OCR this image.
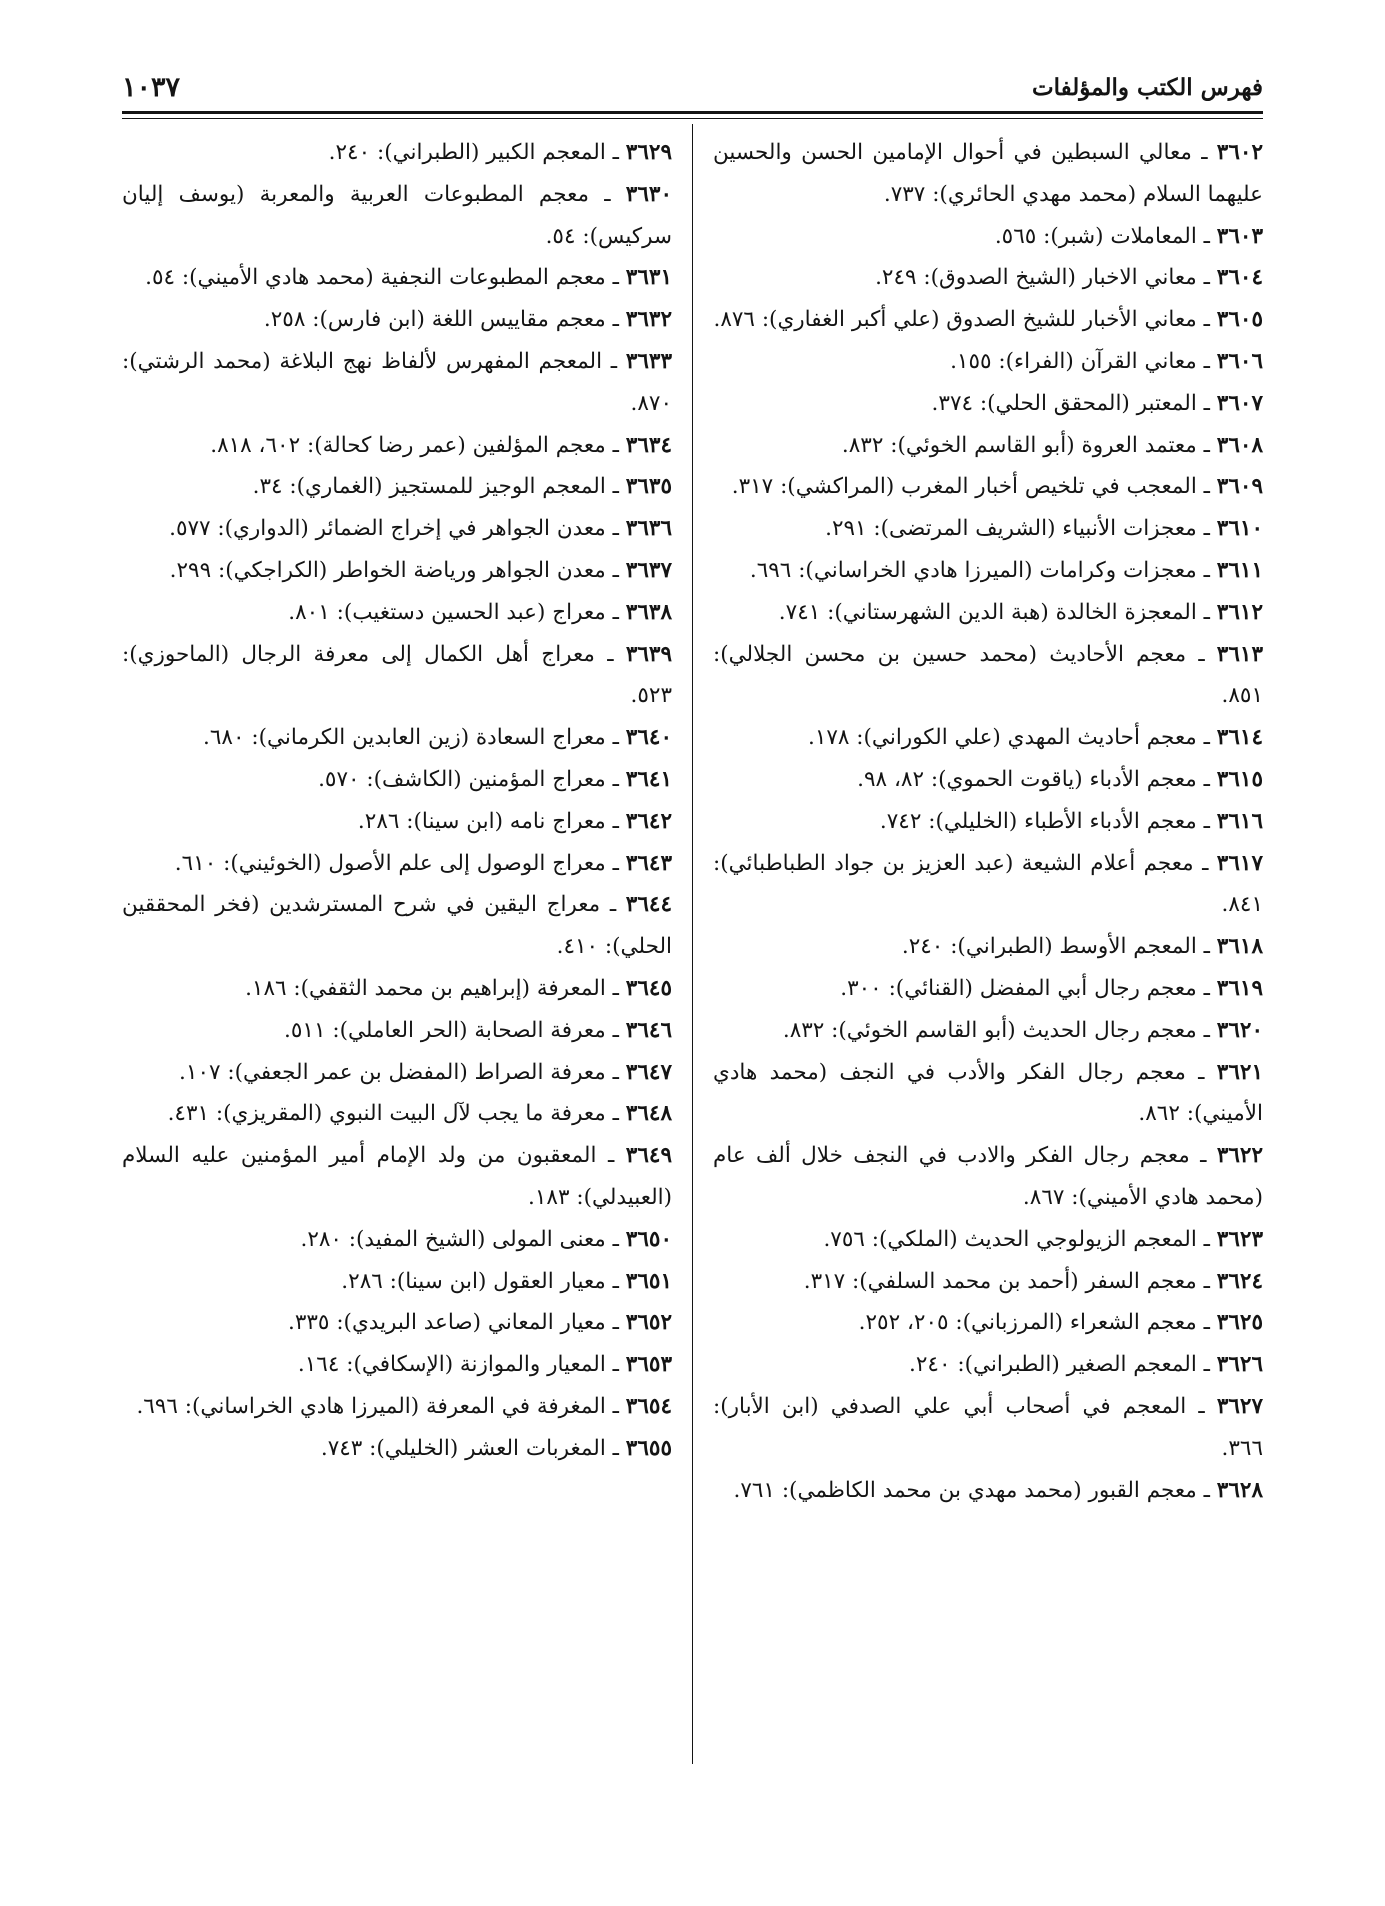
فهرس الكتب والمؤلفات
١٠٣٧

٣٦٠٢ ـ معالي السبطين في أحوال الإمامين الحسن والحسين عليهما السلام (محمد مهدي الحائري): ٧٣٧.

٣٦٠٣ ـ المعاملات (شبر): ٥٦٥.

٣٦٠٤ ـ معاني الاخبار (الشيخ الصدوق): ٢٤٩.

٣٦٠٥ ـ معاني الأخبار للشيخ الصدوق (علي أكبر الغفاري): ٨٧٦.

٣٦٠٦ ـ معاني القرآن (الفراء): ١٥٥.

٣٦٠٧ ـ المعتبر (المحقق الحلي): ٣٧٤.

٣٦٠٨ ـ معتمد العروة (أبو القاسم الخوئي): ٨٣٢.

٣٦٠٩ ـ المعجب في تلخيص أخبار المغرب (المراكشي): ٣١٧.

٣٦١٠ ـ معجزات الأنبياء (الشريف المرتضى): ٢٩١.

٣٦١١ ـ معجزات وكرامات (الميرزا هادي الخراساني): ٦٩٦.

٣٦١٢ ـ المعجزة الخالدة (هبة الدين الشهرستاني): ٧٤١.

٣٦١٣ ـ معجم الأحاديث (محمد حسين بن محسن الجلالي): ٨٥١.

٣٦١٤ ـ معجم أحاديث المهدي (علي الكوراني): ١٧٨.

٣٦١٥ ـ معجم الأدباء (ياقوت الحموي): ٨٢، ٩٨.

٣٦١٦ ـ معجم الأدباء الأطباء (الخليلي): ٧٤٢.

٣٦١٧ ـ معجم أعلام الشيعة (عبد العزيز بن جواد الطباطبائي): ٨٤١.

٣٦١٨ ـ المعجم الأوسط (الطبراني): ٢٤٠.

٣٦١٩ ـ معجم رجال أبي المفضل (القنائي): ٣٠٠.

٣٦٢٠ ـ معجم رجال الحديث (أبو القاسم الخوئي): ٨٣٢.

٣٦٢١ ـ معجم رجال الفكر والأدب في النجف (محمد هادي الأميني): ٨٦٢.

٣٦٢٢ ـ معجم رجال الفكر والادب في النجف خلال ألف عام (محمد هادي الأميني): ٨٦٧.

٣٦٢٣ ـ المعجم الزيولوجي الحديث (الملكي): ٧٥٦.

٣٦٢٤ ـ معجم السفر (أحمد بن محمد السلفي): ٣١٧.

٣٦٢٥ ـ معجم الشعراء (المرزباني): ٢٠٥، ٢٥٢.

٣٦٢٦ ـ المعجم الصغير (الطبراني): ٢٤٠.

٣٦٢٧ ـ المعجم في أصحاب أبي علي الصدفي (ابن الأبار): ٣٦٦.

٣٦٢٨ ـ معجم القبور (محمد مهدي بن محمد الكاظمي): ٧٦١.

٣٦٢٩ ـ المعجم الكبير (الطبراني): ٢٤٠.

٣٦٣٠ ـ معجم المطبوعات العربية والمعربة (يوسف إليان سركيس): ٥٤.

٣٦٣١ ـ معجم المطبوعات النجفية (محمد هادي الأميني): ٥٤.

٣٦٣٢ ـ معجم مقاييس اللغة (ابن فارس): ٢٥٨.

٣٦٣٣ ـ المعجم المفهرس لألفاظ نهج البلاغة (محمد الرشتي): ٨٧٠.

٣٦٣٤ ـ معجم المؤلفين (عمر رضا كحالة): ٦٠٢، ٨١٨.

٣٦٣٥ ـ المعجم الوجيز للمستجيز (الغماري): ٣٤.

٣٦٣٦ ـ معدن الجواهر في إخراج الضمائر (الدواري): ٥٧٧.

٣٦٣٧ ـ معدن الجواهر ورياضة الخواطر (الكراجكي): ٢٩٩.

٣٦٣٨ ـ معراج (عبد الحسين دستغيب): ٨٠١.

٣٦٣٩ ـ معراج أهل الكمال إلى معرفة الرجال (الماحوزي): ٥٢٣.

٣٦٤٠ ـ معراج السعادة (زين العابدين الكرماني): ٦٨٠.

٣٦٤١ ـ معراج المؤمنين (الكاشف): ٥٧٠.

٣٦٤٢ ـ معراج نامه (ابن سينا): ٢٨٦.

٣٦٤٣ ـ معراج الوصول إلى علم الأصول (الخوئيني): ٦١٠.

٣٦٤٤ ـ معراج اليقين في شرح المسترشدين (فخر المحققين الحلي): ٤١٠.

٣٦٤٥ ـ المعرفة (إبراهيم بن محمد الثقفي): ١٨٦.

٣٦٤٦ ـ معرفة الصحابة (الحر العاملي): ٥١١.

٣٦٤٧ ـ معرفة الصراط (المفضل بن عمر الجعفي): ١٠٧.

٣٦٤٨ ـ معرفة ما يجب لآل البيت النبوي (المقريزي): ٤٣١.

٣٦٤٩ ـ المعقبون من ولد الإمام أمير المؤمنين عليه السلام (العبيدلي): ١٨٣.

٣٦٥٠ ـ معنى المولى (الشيخ المفيد): ٢٨٠.

٣٦٥١ ـ معيار العقول (ابن سينا): ٢٨٦.

٣٦٥٢ ـ معيار المعاني (صاعد البريدي): ٣٣٥.

٣٦٥٣ ـ المعيار والموازنة (الإسكافي): ١٦٤.

٣٦٥٤ ـ المغرفة في المعرفة (الميرزا هادي الخراساني): ٦٩٦.

٣٦٥٥ ـ المغربات العشر (الخليلي): ٧٤٣.
